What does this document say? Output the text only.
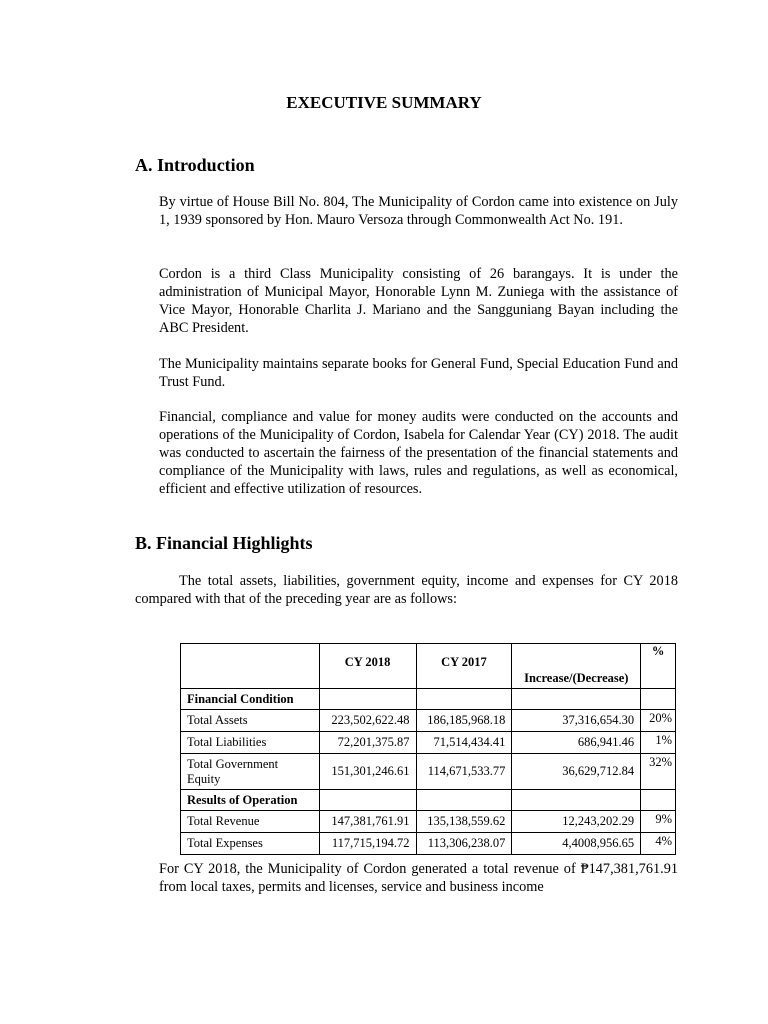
EXECUTIVE SUMMARY
A. Introduction

By virtue of House Bill No. 804, The Municipality of Cordon came into existence on July 1, 1939 sponsored by Hon. Mauro Versoza through Commonwealth Act No. 191.

Cordon is a third Class Municipality consisting of 26 barangays. It is under the administration of Municipal Mayor, Honorable Lynn M. Zuniega with the assistance of Vice Mayor, Honorable Charlita J. Mariano and the Sangguniang Bayan including the ABC President.

The Municipality maintains separate books for General Fund, Special Education Fund and Trust Fund.

Financial, compliance and value for money audits were conducted on the accounts and operations of the Municipality of Cordon, Isabela for Calendar Year (CY) 2018. The audit was conducted to ascertain the fairness of the presentation of the financial statements and compliance of the Municipality with laws, rules and regulations, as well as economical, efficient and effective utilization of resources.

B. Financial Highlights

The total assets, liabilities, government equity, income and expenses for CY 2018 compared with that of the preceding year are as follows:

	CY 2018	CY 2017	Increase/(Decrease)	%
Financial Condition				
Total Assets	223,502,622.48	186,185,968.18	37,316,654.30	20%
Total Liabilities	72,201,375.87	71,514,434.41	686,941.46	1%
Total Government Equity	151,301,246.61	114,671,533.77	36,629,712.84	32%
Results of Operation				
Total Revenue	147,381,761.91	135,138,559.62	12,243,202.29	9%
Total Expenses	117,715,194.72	113,306,238.07	4,4008,956.65	4%

For CY 2018, the Municipality of Cordon generated a total revenue of ₱147,381,761.91 from local taxes, permits and licenses, service and business income
